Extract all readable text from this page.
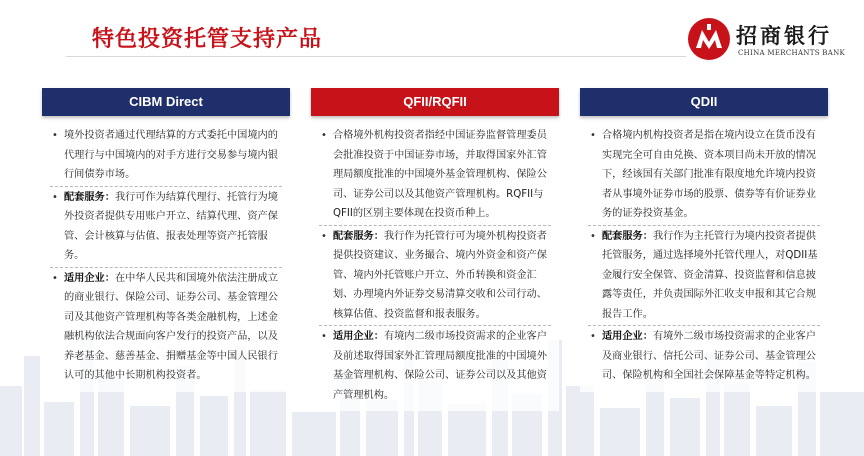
特色投资托管支持产品	招商银行
CHINA MERCHANTS BANK
CIBM Direct
• 境外投资者通过代理结算的方式委托中国境内的代理行与中国境内的对手方进行交易参与境内银行间债券市场。
• 配套服务：我行可作为结算代理行、托管行为境外投资者提供专用账户开立、结算代理、资产保管、会计核算与估值、报表处理等资产托管服务。
• 适用企业：在中华人民共和国境外依法注册成立的商业银行、保险公司、证券公司、基金管理公司及其他资产管理机构等各类金融机构，上述金融机构依法合规面向客户发行的投资产品，以及养老基金、慈善基金、捐赠基金等中国人民银行认可的其他中长期机构投资者。
QFII/RQFII
• 合格境外机构投资者指经中国证券监督管理委员会批准投资于中国证券市场，并取得国家外汇管理局额度批准的中国境外基金管理机构、保险公司、证券公司以及其他资产管理机构。RQFII与QFII的区别主要体现在投资币种上。
• 配套服务：我行作为托管行可为境外机构投资者提供投资建议、业务撮合、境内外资金和资产保管、境内外托管账户开立、外币转换和资金汇划、办理境内外证券交易清算交收和公司行动、核算估值、投资监督和报表服务。
• 适用企业：有境内二级市场投资需求的企业客户及前述取得国家外汇管理局额度批准的中国境外基金管理机构、保险公司、证券公司以及其他资产管理机构。
QDII
• 合格境内机构投资者是指在境内设立在货币没有实现完全可自由兑换、资本项目尚未开放的情况下，经该国有关部门批准有限度地允许境内投资者从事境外证券市场的股票、债券等有价证券业务的证券投资基金。
• 配套服务：我行作为主托管行为境内投资者提供托管服务，通过选择境外托管代理人，对QDII基金履行安全保管、资金清算、投资监督和信息披露等责任，并负责国际外汇收支申报和其它合规报告工作。
• 适用企业：有境外二级市场投资需求的企业客户及商业银行、信托公司、证券公司、基金管理公司、保险机构和全国社会保障基金等特定机构。
